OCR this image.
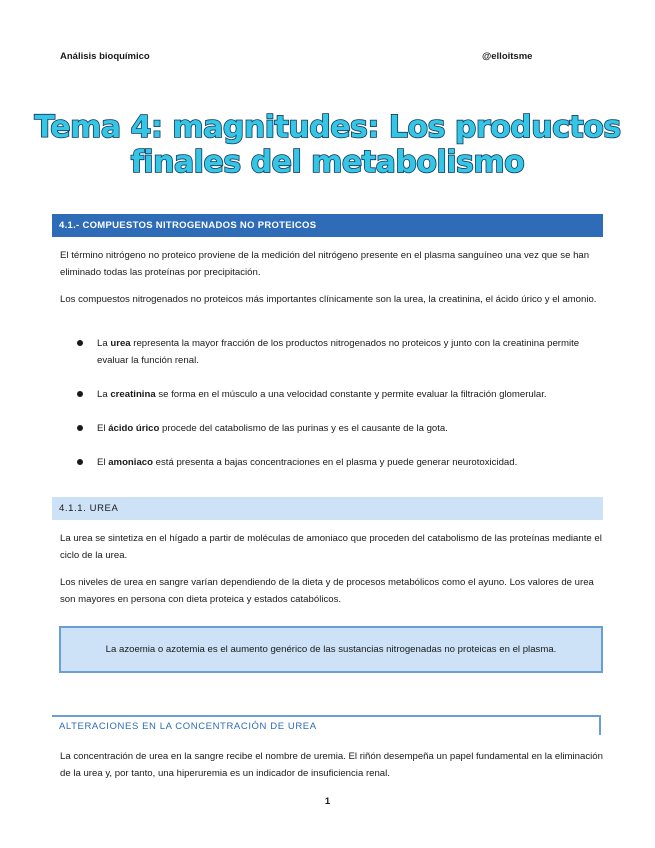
Análisis bioquímico	@elloitsme
Tema 4: magnitudes: Los productos
finales del metabolismo
4.1.- COMPUESTOS NITROGENADOS NO PROTEICOS

El término nitrógeno no proteico proviene de la medición del nitrógeno presente en el plasma sanguíneo una vez que se han eliminado todas las proteínas por precipitación.

Los compuestos nitrogenados no proteicos más importantes clínicamente son la urea, la creatinina, el ácido úrico y el amonio.

La urea representa la mayor fracción de los productos nitrogenados no proteicos y junto con la creatinina permite evaluar la función renal.
La creatinina se forma en el músculo a una velocidad constante y permite evaluar la filtración glomerular.
El ácido úrico procede del catabolismo de las purinas y es el causante de la gota.
El amoniaco está presenta a bajas concentraciones en el plasma y puede generar neurotoxicidad.
4.1.1. UREA

La urea se sintetiza en el hígado a partir de moléculas de amoniaco que proceden del catabolismo de las proteínas mediante el ciclo de la urea.

Los niveles de urea en sangre varían dependiendo de la dieta y de procesos metabólicos como el ayuno. Los valores de urea son mayores en persona con dieta proteica y estados catabólicos.

La azoemia o azotemia es el aumento genérico de las sustancias nitrogenadas no proteicas en el plasma.
ALTERACIONES EN LA CONCENTRACIÓN DE UREA

La concentración de urea en la sangre recibe el nombre de uremia. El riñón desempeña un papel fundamental en la eliminación de la urea y, por tanto, una hiperuremia es un indicador de insuficiencia renal.

1
